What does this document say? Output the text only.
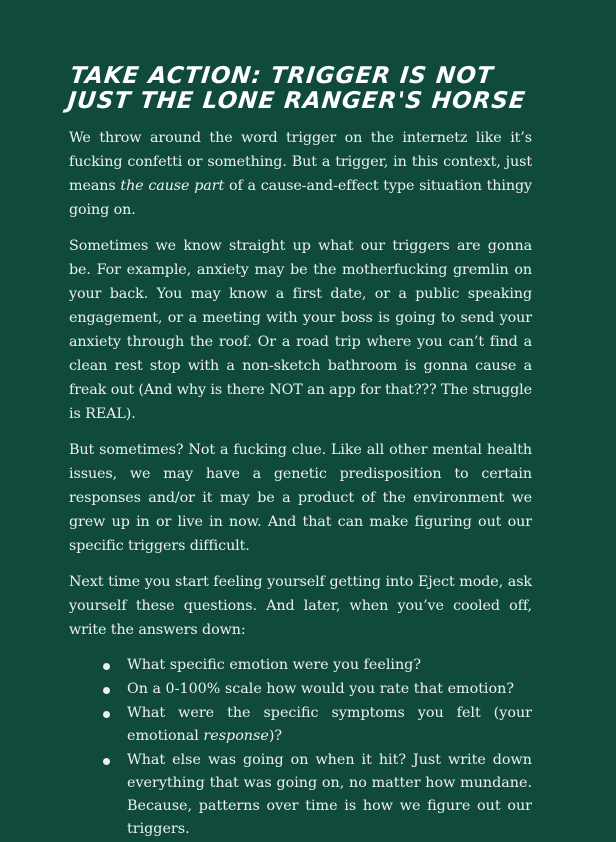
TAKE ACTION: TRIGGER IS NOT JUST THE LONE RANGER'S HORSE

We throw around the word trigger on the internetz like it’s fucking confetti or something. But a trigger, in this context, just means the cause part of a cause-and-effect type situation thingy going on.

Sometimes we know straight up what our triggers are gonna be. For example, anxiety may be the motherfucking gremlin on your back. You may know a first date, or a public speaking engagement, or a meeting with your boss is going to send your anxiety through the roof. Or a road trip where you can’t find a clean rest stop with a non-sketch bathroom is gonna cause a freak out (And why is there NOT an app for that??? The struggle is REAL).

But sometimes? Not a fucking clue. Like all other mental health issues, we may have a genetic predisposition to certain responses and/or it may be a product of the environment we grew up in or live in now. And that can make figuring out our specific triggers difficult.

Next time you start feeling yourself getting into Eject mode, ask yourself these questions. And later, when you’ve cooled off, write the answers down:

What specific emotion were you feeling?
On a 0-100% scale how would you rate that emotion?
What were the specific symptoms you felt (your emotional response)?
What else was going on when it hit? Just write down everything that was going on, no matter how mundane. Because, patterns over time is how we figure out our triggers.
